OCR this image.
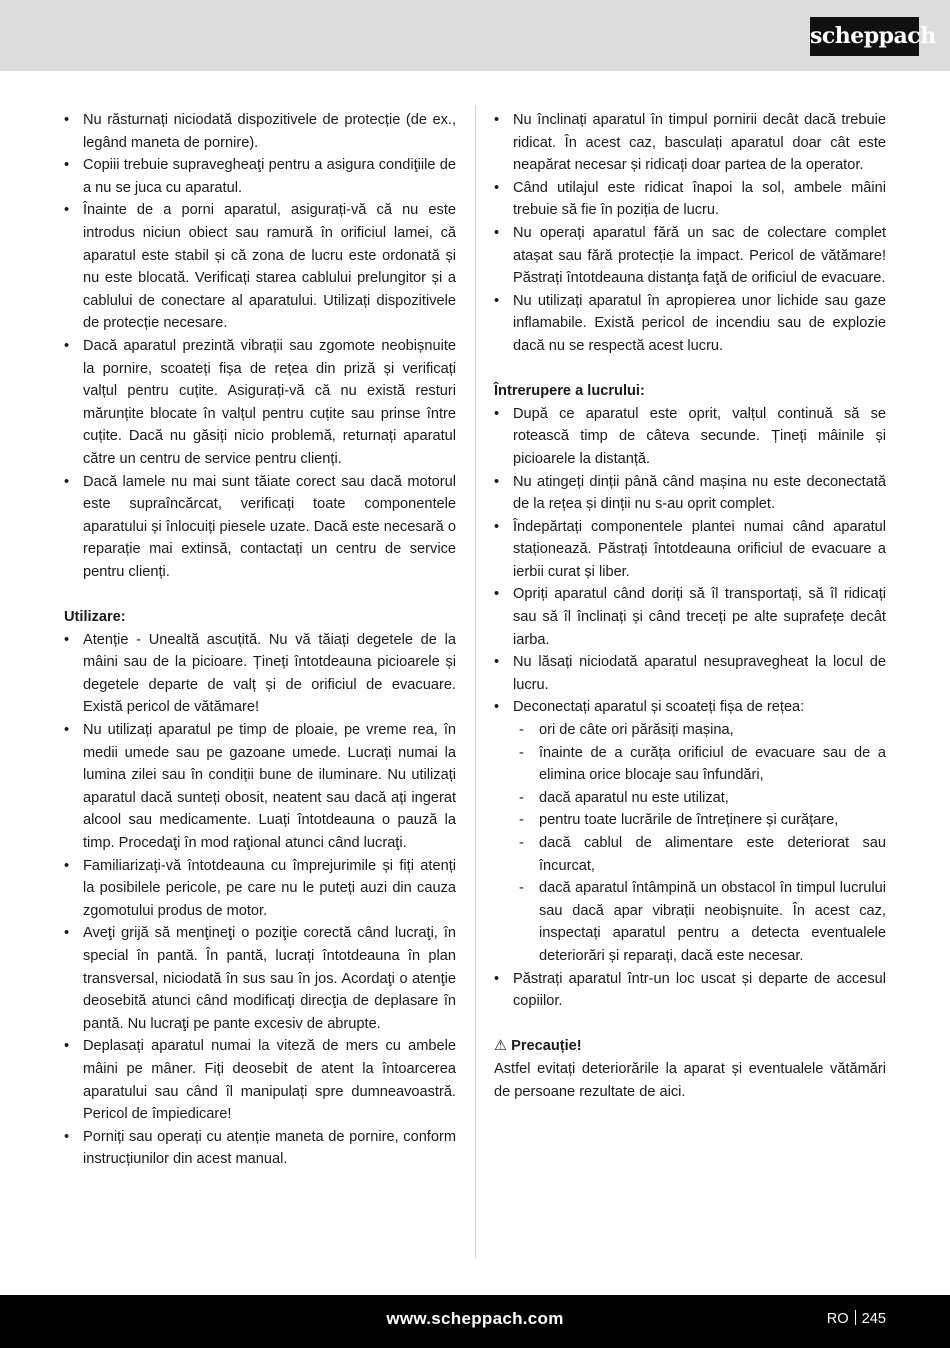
scheppach
• Nu răsturnați niciodată dispozitivele de protecție (de ex., legând maneta de pornire).
• Copiii trebuie supravegheaţi pentru a asigura condiţiile de a nu se juca cu aparatul.
• Înainte de a porni aparatul, asigurați-vă că nu este introdus niciun obiect sau ramură în orificiul lamei, că aparatul este stabil și că zona de lucru este ordonată și nu este blocată. Verificați starea cablului prelungitor și a cablului de conectare al aparatului. Utilizați dispozitivele de protecție necesare.
• Dacă aparatul prezintă vibrații sau zgomote neobișnuite la pornire, scoateți fișa de rețea din priză și verificați valțul pentru cuțite. Asigurați-vă că nu există resturi mărunțite blocate în valțul pentru cuțite sau prinse între cuțite. Dacă nu găsiți nicio problemă, returnați aparatul către un centru de service pentru clienți.
• Dacă lamele nu mai sunt tăiate corect sau dacă motorul este supraîncărcat, verificați toate componentele aparatului și înlocuiți piesele uzate. Dacă este necesară o reparație mai extinsă, contactați un centru de service pentru clienți.

Utilizare:

• Atenție - Unealtă ascuțită. Nu vă tăiați degetele de la mâini sau de la picioare. Țineți întotdeauna picioarele și degetele departe de valț și de orificiul de evacuare. Există pericol de vătămare!
• Nu utilizați aparatul pe timp de ploaie, pe vreme rea, în medii umede sau pe gazoane umede. Lucrați numai la lumina zilei sau în condiții bune de iluminare. Nu utilizați aparatul dacă sunteți obosit, neatent sau dacă ați ingerat alcool sau medicamente. Luați întotdeauna o pauză la timp. Procedaţi în mod raţional atunci când lucraţi.
• Familiarizați-vă întotdeauna cu împrejurimile și fiți atenți la posibilele pericole, pe care nu le puteți auzi din cauza zgomotului produs de motor.
• Aveţi grijă să menţineţi o poziţie corectă când lucraţi, în special în pantă. În pantă, lucrați întotdeauna în plan transversal, niciodată în sus sau în jos. Acordaţi o atenţie deosebită atunci când modificaţi direcţia de deplasare în pantă. Nu lucraţi pe pante excesiv de abrupte.
• Deplasați aparatul numai la viteză de mers cu ambele mâini pe mâner. Fiți deosebit de atent la întoarcerea aparatului sau când îl manipulați spre dumneavoastră. Pericol de împiedicare!
• Porniți sau operați cu atenție maneta de pornire, conform instrucțiunilor din acest manual.
• Nu înclinați aparatul în timpul pornirii decât dacă trebuie ridicat. În acest caz, basculați aparatul doar cât este neapărat necesar și ridicați doar partea de la operator.
• Când utilajul este ridicat înapoi la sol, ambele mâini trebuie să fie în poziția de lucru.
• Nu operați aparatul fără un sac de colectare complet atașat sau fără protecție la impact. Pericol de vătămare! Păstrați întotdeauna distanţa faţă de orificiul de evacuare.
• Nu utilizați aparatul în apropierea unor lichide sau gaze inflamabile. Există pericol de incendiu sau de explozie dacă nu se respectă acest lucru.

Întrerupere a lucrului:

• După ce aparatul este oprit, valțul continuă să se rotească timp de câteva secunde. Țineți mâinile și picioarele la distanță.
• Nu atingeți dinții până când mașina nu este deconectată de la rețea și dinții nu s-au oprit complet.
• Îndepărtați componentele plantei numai când aparatul staționează. Păstrați întotdeauna orificiul de evacuare a ierbii curat și liber.
• Opriți aparatul când doriți să îl transportați, să îl ridicați sau să îl înclinați și când treceți pe alte suprafețe decât iarba.
• Nu lăsați niciodată aparatul nesupravegheat la locul de lucru.
• Deconectați aparatul și scoateți fișa de rețea:
- ori de câte ori părăsiți mașina,
- înainte de a curăța orificiul de evacuare sau de a elimina orice blocaje sau înfundări,
- dacă aparatul nu este utilizat,
- pentru toate lucrările de întreținere și curățare,
- dacă cablul de alimentare este deteriorat sau încurcat,
- dacă aparatul întâmpină un obstacol în timpul lucrului sau dacă apar vibrații neobișnuite. În acest caz, inspectați aparatul pentru a detecta eventualele deteriorări și reparați, dacă este necesar.
• Păstrați aparatul într-un loc uscat și departe de accesul copiilor.

⚠ Precauție!

Astfel evitați deteriorările la aparat și eventualele vătămări de persoane rezultate de aici.

www.scheppach.com	RO 245
